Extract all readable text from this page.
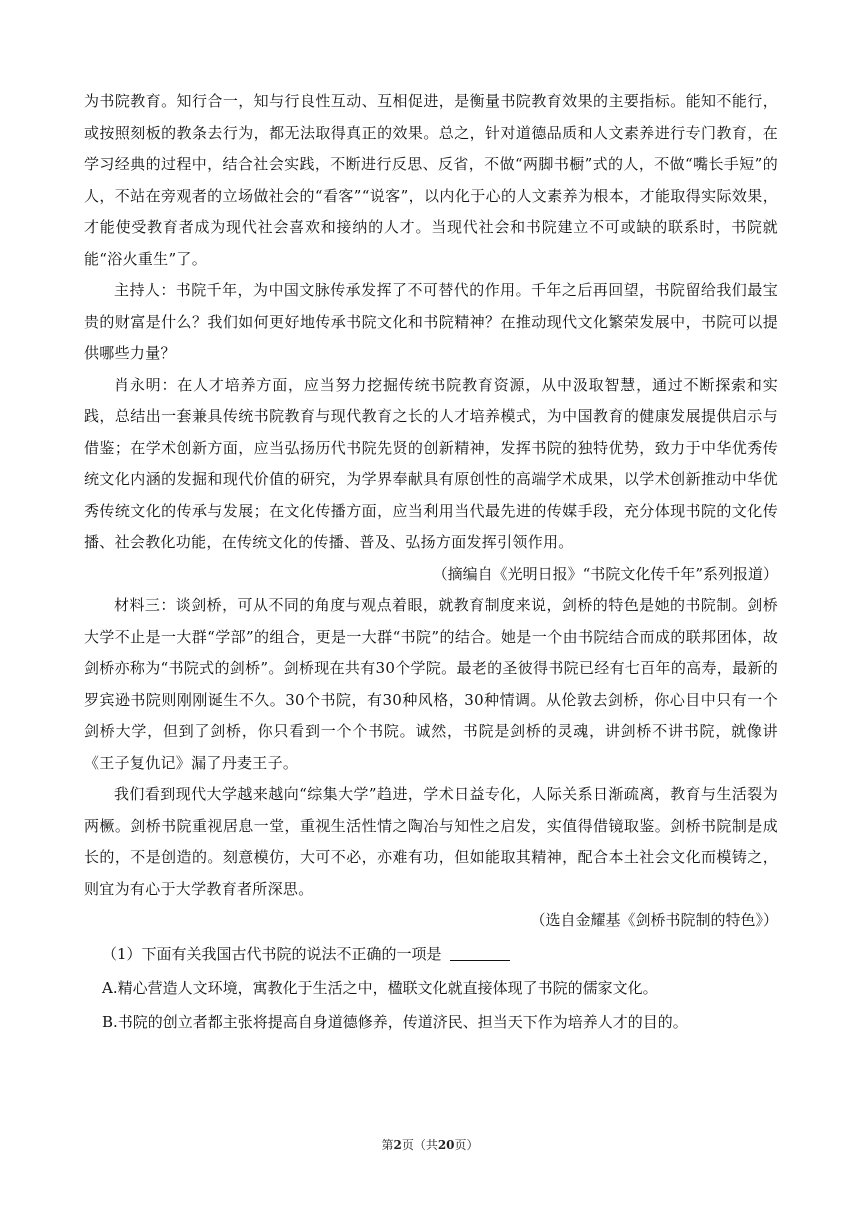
为书院教育。知行合一，知与行良性互动、互相促进，是衡量书院教育效果的主要指标。能知不能行，或按照刻板的教条去行为，都无法取得真正的效果。总之，针对道德品质和人文素养进行专门教育，在学习经典的过程中，结合社会实践，不断进行反思、反省，不做“两脚书橱”式的人，不做“嘴长手短”的人，不站在旁观者的立场做社会的“看客”“说客”，以内化于心的人文素养为根本，才能取得实际效果，才能使受教育者成为现代社会喜欢和接纳的人才。当现代社会和书院建立不可或缺的联系时，书院就能“浴火重生”了。

主持人：书院千年，为中国文脉传承发挥了不可替代的作用。千年之后再回望，书院留给我们最宝贵的财富是什么？我们如何更好地传承书院文化和书院精神？在推动现代文化繁荣发展中，书院可以提供哪些力量？

肖永明：在人才培养方面，应当努力挖掘传统书院教育资源，从中汲取智慧，通过不断探索和实践，总结出一套兼具传统书院教育与现代教育之长的人才培养模式，为中国教育的健康发展提供启示与借鉴；在学术创新方面，应当弘扬历代书院先贤的创新精神，发挥书院的独特优势，致力于中华优秀传统文化内涵的发掘和现代价值的研究，为学界奉献具有原创性的高端学术成果，以学术创新推动中华优秀传统文化的传承与发展；在文化传播方面，应当利用当代最先进的传媒手段，充分体现书院的文化传播、社会教化功能，在传统文化的传播、普及、弘扬方面发挥引领作用。

（摘编自《光明日报》“书院文化传千年”系列报道）

材料三：谈剑桥，可从不同的角度与观点着眼，就教育制度来说，剑桥的特色是她的书院制。剑桥大学不止是一大群“学部”的组合，更是一大群“书院”的结合。她是一个由书院结合而成的联邦团体，故剑桥亦称为“书院式的剑桥”。剑桥现在共有30个学院。最老的圣彼得书院已经有七百年的高寿，最新的罗宾逊书院则刚刚诞生不久。30个书院，有30种风格，30种情调。从伦敦去剑桥，你心目中只有一个剑桥大学，但到了剑桥，你只看到一个个书院。诚然，书院是剑桥的灵魂，讲剑桥不讲书院，就像讲《王子复仇记》漏了丹麦王子。

我们看到现代大学越来越向“综集大学”趋进，学术日益专化，人际关系日渐疏离，教育与生活裂为两橛。剑桥书院重视居息一堂，重视生活性情之陶冶与知性之启发，实值得借镜取鉴。剑桥书院制是成长的，不是创造的。刻意模仿，大可不必，亦难有功，但如能取其精神，配合本土社会文化而模铸之，则宜为有心于大学教育者所深思。

（选自金耀基《剑桥书院制的特色》）

（1）下面有关我国古代书院的说法不正确的一项是

A.精心营造人文环境，寓教化于生活之中，楹联文化就直接体现了书院的儒家文化。

B.书院的创立者都主张将提高自身道德修养，传道济民、担当天下作为培养人才的目的。

第2页（共20页）
